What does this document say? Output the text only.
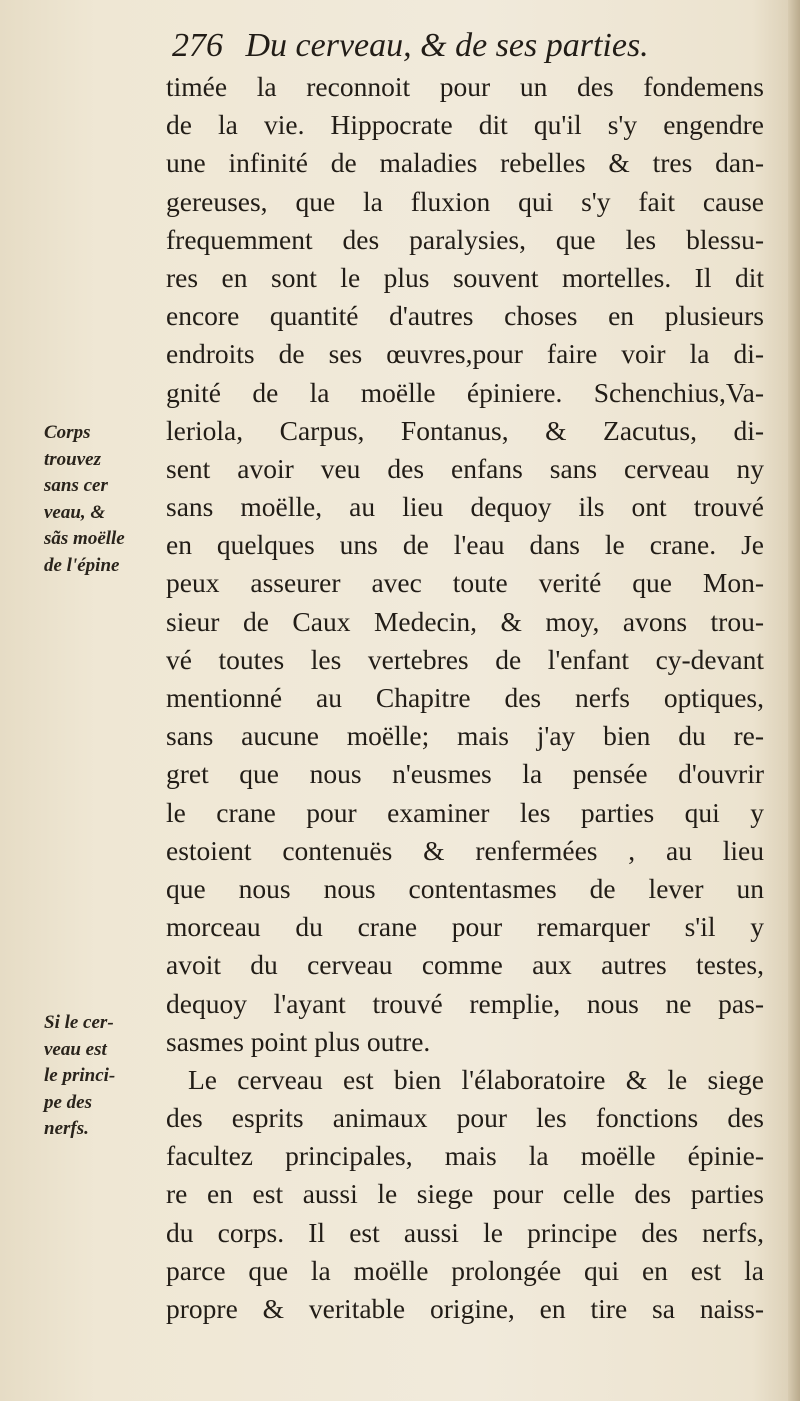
276 Du cerveau, & de ses parties.
Corps
trouvez
sans cer
veau, &
sãs moëlle
de l'épine
Si le cer-
veau est
le princi-
pe des
nerfs.
timée la reconnoit pour un des fondemens
de la vie. Hippocrate dit qu'il s'y engendre
une infinité de maladies rebelles & tres dan-
gereuses, que la fluxion qui s'y fait cause
frequemment des paralysies, que les blessu-
res en sont le plus souvent mortelles. Il dit
encore quantité d'autres choses en plusieurs
endroits de ses œuvres,pour faire voir la di-
gnité de la moëlle épiniere. Schenchius,Va-
leriola, Carpus, Fontanus, & Zacutus, di-
sent avoir veu des enfans sans cerveau ny
sans moëlle, au lieu dequoy ils ont trouvé
en quelques uns de l'eau dans le crane. Je
peux asseurer avec toute verité que Mon-
sieur de Caux Medecin, & moy, avons trou-
vé toutes les vertebres de l'enfant cy-devant
mentionné au Chapitre des nerfs optiques,
sans aucune moëlle; mais j'ay bien du re-
gret que nous n'eusmes la pensée d'ouvrir
le crane pour examiner les parties qui y
estoient contenuës & renfermées , au lieu
que nous nous contentasmes de lever un
morceau du crane pour remarquer s'il y
avoit du cerveau comme aux autres testes,
dequoy l'ayant trouvé remplie, nous ne pas-
sasmes point plus outre.
Le cerveau est bien l'élaboratoire & le siege
des esprits animaux pour les fonctions des
facultez principales, mais la moëlle épinie-
re en est aussi le siege pour celle des parties
du corps. Il est aussi le principe des nerfs,
parce que la moëlle prolongée qui en est la
propre & veritable origine, en tire sa naiss-
